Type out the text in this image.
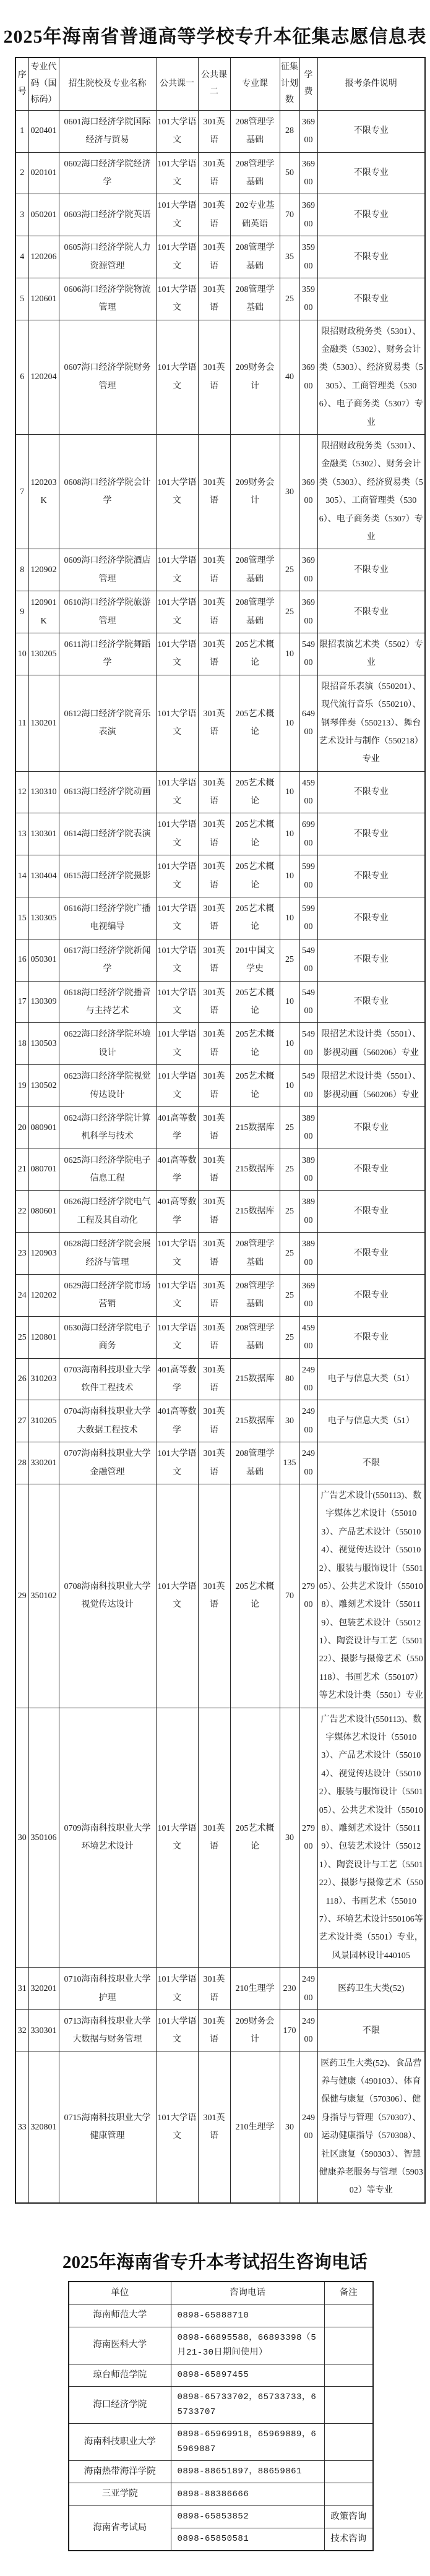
2025年海南省普通高等学校专升本征集志愿信息表
序号	专业代码（国标码）	招生院校及专业名称	公共课一	公共课二	专业课	征集计划数	学费	报考条件说明
1	020401	0601海口经济学院国际经济与贸易	101大学语文	301英语	208管理学基础	28	36900	不限专业
2	020101	0602海口经济学院经济学	101大学语文	301英语	208管理学基础	50	36900	不限专业
3	050201	0603海口经济学院英语	101大学语文	301英语	202专业基础英语	70	36900	不限专业
4	120206	0605海口经济学院人力资源管理	101大学语文	301英语	208管理学基础	35	35900	不限专业
5	120601	0606海口经济学院物流管理	101大学语文	301英语	208管理学基础	25	35900	不限专业
6	120204	0607海口经济学院财务管理	101大学语文	301英语	209财务会计	40	36900	限招财政税务类（5301）、金融类（5302）、财务会计类（5303）、经济贸易类（5305）、工商管理类（5306）、电子商务类（5307）专业
7	120203K	0608海口经济学院会计学	101大学语文	301英语	209财务会计	30	36900	限招财政税务类（5301）、金融类（5302）、财务会计类（5303）、经济贸易类（5305）、工商管理类（5306）、电子商务类（5307）专业
8	120902	0609海口经济学院酒店管理	101大学语文	301英语	208管理学基础	25	36900	不限专业
9	120901K	0610海口经济学院旅游管理	101大学语文	301英语	208管理学基础	25	36900	不限专业
10	130205	0611海口经济学院舞蹈学	101大学语文	301英语	205艺术概论	10	54900	限招表演艺术类（5502）专业
11	130201	0612海口经济学院音乐表演	101大学语文	301英语	205艺术概论	10	64900	限招音乐表演（550201）、现代流行音乐（550210）、钢琴伴奏（550213）、舞台艺术设计与制作（550218）专业
12	130310	0613海口经济学院动画	101大学语文	301英语	205艺术概论	10	45900	不限专业
13	130301	0614海口经济学院表演	101大学语文	301英语	205艺术概论	10	69900	不限专业
14	130404	0615海口经济学院摄影	101大学语文	301英语	205艺术概论	10	59900	不限专业
15	130305	0616海口经济学院广播电视编导	101大学语文	301英语	205艺术概论	10	59900	不限专业
16	050301	0617海口经济学院新闻学	101大学语文	301英语	201中国文学史	25	54900	不限专业
17	130309	0618海口经济学院播音与主持艺术	101大学语文	301英语	205艺术概论	10	54900	不限专业
18	130503	0622海口经济学院环境设计	101大学语文	301英语	205艺术概论	10	54900	限招艺术设计类（5501）、影视动画（560206）专业
19	130502	0623海口经济学院视觉传达设计	101大学语文	301英语	205艺术概论	10	54900	限招艺术设计类（5501）、影视动画（560206）专业
20	080901	0624海口经济学院计算机科学与技术	401高等数学	301英语	215数据库	25	38900	不限专业
21	080701	0625海口经济学院电子信息工程	401高等数学	301英语	215数据库	25	38900	不限专业
22	080601	0626海口经济学院电气工程及其自动化	401高等数学	301英语	215数据库	25	38900	不限专业
23	120903	0628海口经济学院会展经济与管理	101大学语文	301英语	208管理学基础	25	38900	不限专业
24	120202	0629海口经济学院市场营销	101大学语文	301英语	208管理学基础	25	36900	不限专业
25	120801	0630海口经济学院电子商务	101大学语文	301英语	208管理学基础	25	45900	不限专业
26	310203	0703海南科技职业大学软件工程技术	401高等数学	301英语	215数据库	80	24900	电子与信息大类（51）
27	310205	0704海南科技职业大学大数据工程技术	401高等数学	301英语	215数据库	30	24900	电子与信息大类（51）
28	330201	0707海南科技职业大学金融管理	101大学语文	301英语	208管理学基础	135	24900	不限
29	350102	0708海南科技职业大学视觉传达设计	101大学语文	301英语	205艺术概论	70	27900	广告艺术设计(550113)、数字媒体艺术设计（550103）、产品艺术设计（550104）、视觉传达设计（550102）、服装与服饰设计（550105）、公共艺术设计（550108）、雕刻艺术设计（550119）、包装艺术设计（550121）、陶瓷设计与工艺（550122）、摄影与摄像艺术（550118）、书画艺术（550107）等艺术设计类（5501）专业
30	350106	0709海南科技职业大学环境艺术设计	101大学语文	301英语	205艺术概论	30	27900	广告艺术设计(550113)、数字媒体艺术设计（550103）、产品艺术设计（550104）、视觉传达设计（550102）、服装与服饰设计（550105）、公共艺术设计（550108）、雕刻艺术设计（550119）、包装艺术设计（550121）、陶瓷设计与工艺（550122）、摄影与摄像艺术（550118）、书画艺术（550107）、环境艺术设计550106等艺术设计类（5501）专业，风景园林设计440105
31	320201	0710海南科技职业大学护理	101大学语文	301英语	210生理学	230	24900	医药卫生大类(52)
32	330301	0713海南科技职业大学大数据与财务管理	101大学语文	301英语	209财务会计	170	24900	不限
33	320801	0715海南科技职业大学健康管理	101大学语文	301英语	210生理学	30	24900	医药卫生大类(52)、食品营养与健康（490103）、体育保健与康复（570306）、健身指导与管理（570307）、运动健康指导（570308）、社区康复（590303）、智慧健康养老服务与管理（590302）等专业
2025年海南省专升本考试招生咨询电话
单位	咨询电话	备注
海南师范大学	0898-65888710	
海南医科大学	0898-66895588，66893398（5月21-30日期间使用）	
琼台师范学院	0898-65897455	
海口经济学院	0898-65733702，65733733，65733707	
海南科技职业大学	0898-65969918，65969889，65969887	
海南热带海洋学院	0898-88651897，88659861	
三亚学院	0898-88386666	
海南省考试局	0898-65853852	政策咨询
	0898-65850581	技术咨询
